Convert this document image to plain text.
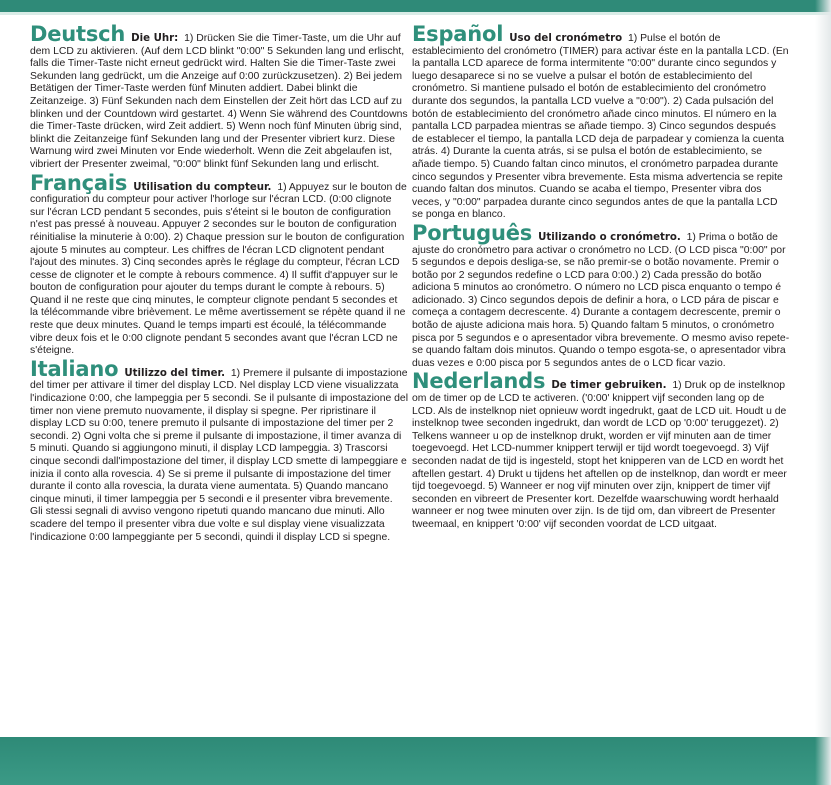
Deutsch Die Uhr: 1) Drücken Sie die Timer-Taste, um die Uhr auf dem LCD zu aktivieren. (Auf dem LCD blinkt "0:00" 5 Sekunden lang und erlischt, falls die Timer-Taste nicht erneut gedrückt wird. Halten Sie die Timer-Taste zwei Sekunden lang gedrückt, um die Anzeige auf 0:00 zurückzusetzen). 2) Bei jedem Betätigen der Timer-Taste werden fünf Minuten addiert. Dabei blinkt die Zeitanzeige. 3) Fünf Sekunden nach dem Einstellen der Zeit hört das LCD auf zu blinken und der Countdown wird gestartet. 4) Wenn Sie während des Countdowns die Timer-Taste drücken, wird Zeit addiert. 5) Wenn noch fünf Minuten übrig sind, blinkt die Zeitanzeige fünf Sekunden lang und der Presenter vibriert kurz. Diese Warnung wird zwei Minuten vor Ende wiederholt. Wenn die Zeit abgelaufen ist, vibriert der Presenter zweimal, "0:00" blinkt fünf Sekunden lang und erlischt.

Français Utilisation du compteur. 1) Appuyez sur le bouton de configuration du compteur pour activer l'horloge sur l'écran LCD. (0:00 clignote sur l'écran LCD pendant 5 secondes, puis s'éteint si le bouton de configuration n'est pas pressé à nouveau. Appuyer 2 secondes sur le bouton de configuration réinitialise la minuterie à 0:00). 2) Chaque pression sur le bouton de configuration ajoute 5 minutes au compteur. Les chiffres de l'écran LCD clignotent pendant l'ajout des minutes. 3) Cinq secondes après le réglage du compteur, l'écran LCD cesse de clignoter et le compte à rebours commence. 4) Il suffit d'appuyer sur le bouton de configuration pour ajouter du temps durant le compte à rebours. 5) Quand il ne reste que cinq minutes, le compteur clignote pendant 5 secondes et la télécommande vibre brièvement. Le même avertissement se répète quand il ne reste que deux minutes. Quand le temps imparti est écoulé, la télécommande vibre deux fois et le 0:00 clignote pendant 5 secondes avant que l'écran LCD ne s'éteigne.

Italiano Utilizzo del timer. 1) Premere il pulsante di impostazione del timer per attivare il timer del display LCD. Nel display LCD viene visualizzata l'indicazione 0:00, che lampeggia per 5 secondi. Se il pulsante di impostazione del timer non viene premuto nuovamente, il display si spegne. Per ripristinare il display LCD su 0:00, tenere premuto il pulsante di impostazione del timer per 2 secondi. 2) Ogni volta che si preme il pulsante di impostazione, il timer avanza di 5 minuti. Quando si aggiungono minuti, il display LCD lampeggia. 3) Trascorsi cinque secondi dall'impostazione del timer, il display LCD smette di lampeggiare e inizia il conto alla rovescia. 4) Se si preme il pulsante di impostazione del timer durante il conto alla rovescia, la durata viene aumentata. 5) Quando mancano cinque minuti, il timer lampeggia per 5 secondi e il presenter vibra brevemente. Gli stessi segnali di avviso vengono ripetuti quando mancano due minuti. Allo scadere del tempo il presenter vibra due volte e sul display viene visualizzata l'indicazione 0:00 lampeggiante per 5 secondi, quindi il display LCD si spegne.

Español Uso del cronómetro 1) Pulse el botón de establecimiento del cronómetro (TIMER) para activar éste en la pantalla LCD. (En la pantalla LCD aparece de forma intermitente "0:00" durante cinco segundos y luego desaparece si no se vuelve a pulsar el botón de establecimiento del cronómetro. Si mantiene pulsado el botón de establecimiento del cronómetro durante dos segundos, la pantalla LCD vuelve a "0:00"). 2) Cada pulsación del botón de establecimiento del cronómetro añade cinco minutos. El número en la pantalla LCD parpadea mientras se añade tiempo. 3) Cinco segundos después de establecer el tiempo, la pantalla LCD deja de parpadear y comienza la cuenta atrás. 4) Durante la cuenta atrás, si se pulsa el botón de establecimiento, se añade tiempo. 5) Cuando faltan cinco minutos, el cronómetro parpadea durante cinco segundos y Presenter vibra brevemente. Esta misma advertencia se repite cuando faltan dos minutos. Cuando se acaba el tiempo, Presenter vibra dos veces, y "0:00" parpadea durante cinco segundos antes de que la pantalla LCD se ponga en blanco.

Português Utilizando o cronómetro. 1) Prima o botão de ajuste do cronómetro para activar o cronómetro no LCD. (O LCD pisca "0:00" por 5 segundos e depois desliga-se, se não premir-se o botão novamente. Premir o botão por 2 segundos redefine o LCD para 0:00.) 2) Cada pressão do botão adiciona 5 minutos ao cronómetro. O número no LCD pisca enquanto o tempo é adicionado. 3) Cinco segundos depois de definir a hora, o LCD pára de piscar e começa a contagem decrescente. 4) Durante a contagem decrescente, premir o botão de ajuste adiciona mais hora. 5) Quando faltam 5 minutos, o cronómetro pisca por 5 segundos e o apresentador vibra brevemente. O mesmo aviso repete-se quando faltam dois minutos. Quando o tempo esgota-se, o apresentador vibra duas vezes e 0:00 pisca por 5 segundos antes de o LCD ficar vazio.

Nederlands De timer gebruiken. 1) Druk op de instelknop om de timer op de LCD te activeren. ('0:00' knippert vijf seconden lang op de LCD. Als de instelknop niet opnieuw wordt ingedrukt, gaat de LCD uit. Houdt u de instelknop twee seconden ingedrukt, dan wordt de LCD op '0:00' teruggezet). 2) Telkens wanneer u op de instelknop drukt, worden er vijf minuten aan de timer toegevoegd. Het LCD-nummer knippert terwijl er tijd wordt toegevoegd. 3) Vijf seconden nadat de tijd is ingesteld, stopt het knipperen van de LCD en wordt het aftellen gestart. 4) Drukt u tijdens het aftellen op de instelknop, dan wordt er meer tijd toegevoegd. 5) Wanneer er nog vijf minuten over zijn, knippert de timer vijf seconden en vibreert de Presenter kort. Dezelfde waarschuwing wordt herhaald wanneer er nog twee minuten over zijn. Is de tijd om, dan vibreert de Presenter tweemaal, en knippert '0:00' vijf seconden voordat de LCD uitgaat.
